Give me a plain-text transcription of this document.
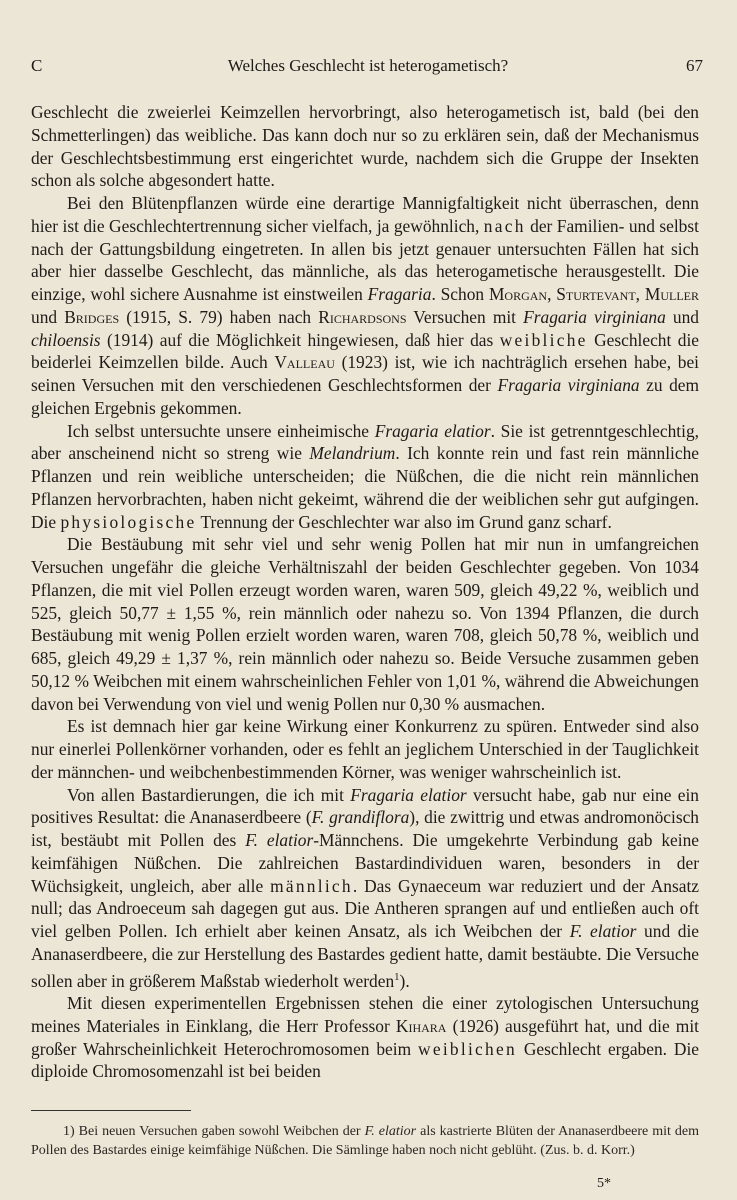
C	Welches Geschlecht ist heterogametisch?	67

Geschlecht die zweierlei Keimzellen hervorbringt, also heterogametisch ist, bald (bei den Schmetterlingen) das weibliche. Das kann doch nur so zu erklären sein, daß der Mechanismus der Geschlechtsbestimmung erst eingerichtet wurde, nachdem sich die Gruppe der Insekten schon als solche abgesondert hatte.

Bei den Blütenpflanzen würde eine derartige Mannigfaltigkeit nicht überraschen, denn hier ist die Geschlechtertrennung sicher vielfach, ja gewöhnlich, nach der Familien- und selbst nach der Gattungsbildung eingetreten. In allen bis jetzt genauer untersuchten Fällen hat sich aber hier dasselbe Geschlecht, das männliche, als das heterogametische herausgestellt. Die einzige, wohl sichere Ausnahme ist einstweilen Fragaria. Schon Morgan, Sturtevant, Muller und Bridges (1915, S. 79) haben nach Richardsons Versuchen mit Fragaria virginiana und chiloensis (1914) auf die Möglichkeit hingewiesen, daß hier das weibliche Geschlecht die beiderlei Keimzellen bilde. Auch Valleau (1923) ist, wie ich nachträglich ersehen habe, bei seinen Versuchen mit den verschiedenen Geschlechtsformen der Fragaria virginiana zu dem gleichen Ergebnis gekommen.

Ich selbst untersuchte unsere einheimische Fragaria elatior. Sie ist getrenntgeschlechtig, aber anscheinend nicht so streng wie Melandrium. Ich konnte rein und fast rein männliche Pflanzen und rein weibliche unterscheiden; die Nüßchen, die die nicht rein männlichen Pflanzen hervorbrachten, haben nicht gekeimt, während die der weiblichen sehr gut aufgingen. Die physiologische Trennung der Geschlechter war also im Grund ganz scharf.

Die Bestäubung mit sehr viel und sehr wenig Pollen hat mir nun in umfangreichen Versuchen ungefähr die gleiche Verhältniszahl der beiden Geschlechter gegeben. Von 1034 Pflanzen, die mit viel Pollen erzeugt worden waren, waren 509, gleich 49,22 %, weiblich und 525, gleich 50,77 ± 1,55 %, rein männlich oder nahezu so. Von 1394 Pflanzen, die durch Bestäubung mit wenig Pollen erzielt worden waren, waren 708, gleich 50,78 %, weiblich und 685, gleich 49,29 ± 1,37 %, rein männlich oder nahezu so. Beide Versuche zusammen geben 50,12 % Weibchen mit einem wahrscheinlichen Fehler von 1,01 %, während die Abweichungen davon bei Verwendung von viel und wenig Pollen nur 0,30 % ausmachen.

Es ist demnach hier gar keine Wirkung einer Konkurrenz zu spüren. Entweder sind also nur einerlei Pollenkörner vorhanden, oder es fehlt an jeglichem Unterschied in der Tauglichkeit der männchen- und weibchenbestimmenden Körner, was weniger wahrscheinlich ist.

Von allen Bastardierungen, die ich mit Fragaria elatior versucht habe, gab nur eine ein positives Resultat: die Ananaserdbeere (F. grandiflora), die zwittrig und etwas andromonöcisch ist, bestäubt mit Pollen des F. elatior-Männchens. Die umgekehrte Verbindung gab keine keimfähigen Nüßchen. Die zahlreichen Bastardindividuen waren, besonders in der Wüchsigkeit, ungleich, aber alle männlich. Das Gynaeceum war reduziert und der Ansatz null; das Androeceum sah dagegen gut aus. Die Antheren sprangen auf und entließen auch oft viel gelben Pollen. Ich erhielt aber keinen Ansatz, als ich Weibchen der F. elatior und die Ananaserdbeere, die zur Herstellung des Bastardes gedient hatte, damit bestäubte. Die Versuche sollen aber in größerem Maßstab wiederholt werden$^1$).

Mit diesen experimentellen Ergebnissen stehen die einer zytologischen Untersuchung meines Materiales in Einklang, die Herr Professor Kihara (1926) ausgeführt hat, und die mit großer Wahrscheinlichkeit Heterochromosomen beim weiblichen Geschlecht ergaben. Die diploide Chromosomenzahl ist bei beiden

1) Bei neuen Versuchen gaben sowohl Weibchen der F. elatior als kastrierte Blüten der Ananaserdbeere mit dem Pollen des Bastardes einige keimfähige Nüßchen. Die Sämlinge haben noch nicht geblüht. (Zus. b. d. Korr.)
5*
